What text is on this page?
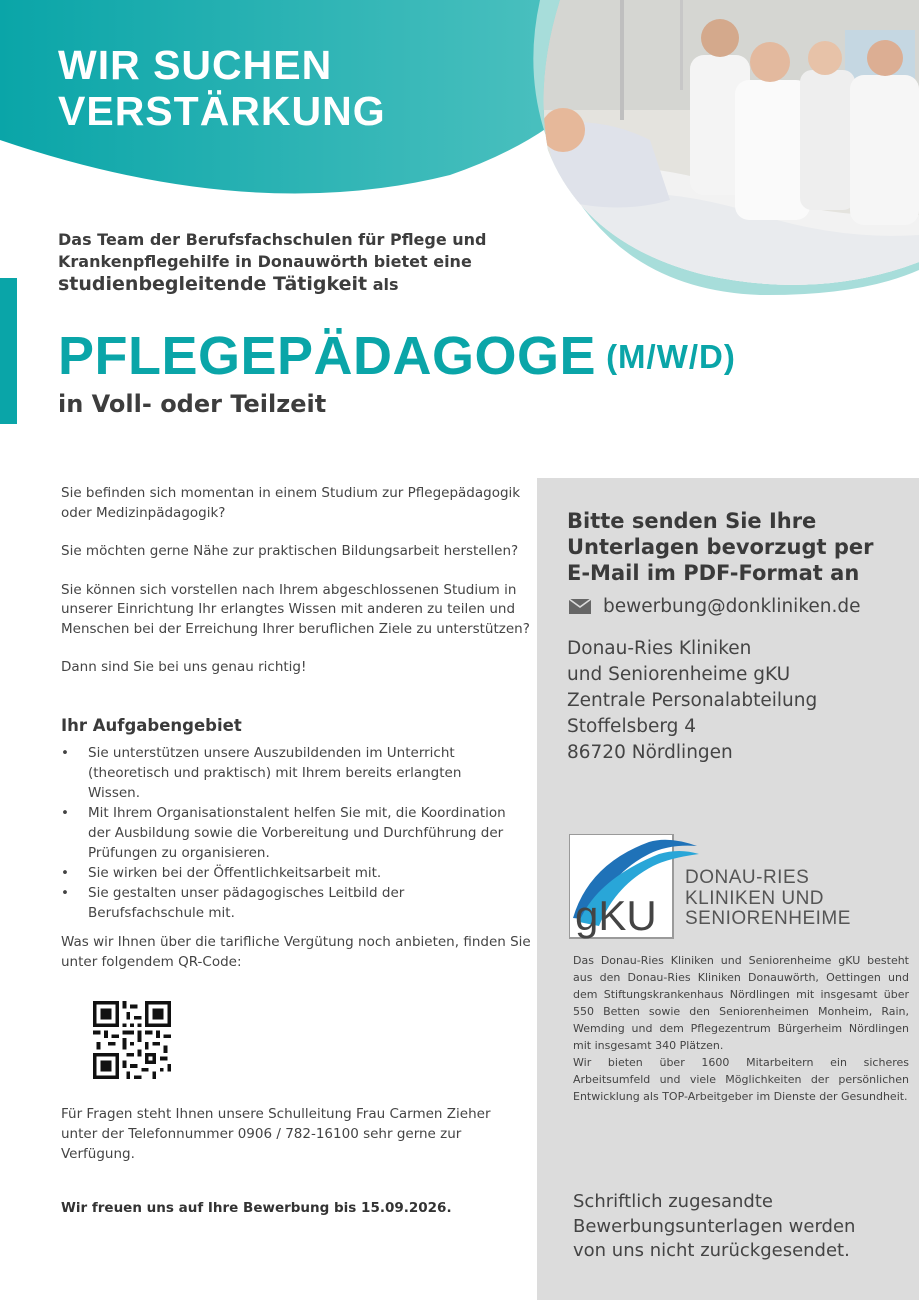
WIR SUCHEN
VERSTÄRKUNG
Das Team der Berufsfachschulen für Pflege und
Krankenpflegehilfe in Donauwörth bietet eine
studienbegleitende Tätigkeit als
PFLEGEPÄDAGOGE (M/W/D)

in Voll- oder Teilzeit

Sie befinden sich momentan in einem Studium zur Pflegepädagogik oder Medizinpädagogik?

Sie möchten gerne Nähe zur praktischen Bildungsarbeit herstellen?

Sie können sich vorstellen nach Ihrem abgeschlossenen Studium in unserer Einrichtung Ihr erlangtes Wissen mit anderen zu teilen und Menschen bei der Erreichung Ihrer beruflichen Ziele zu unterstützen?

Dann sind Sie bei uns genau richtig!

Ihr Aufgabengebiet
• Sie unterstützen unsere Auszubildenden im Unterricht (theoretisch und praktisch) mit Ihrem bereits erlangten Wissen.
• Mit Ihrem Organisationstalent helfen Sie mit, die Koordination der Ausbildung sowie die Vorbereitung und Durchführung der Prüfungen zu organisieren.
• Sie wirken bei der Öffentlichkeitsarbeit mit.
• Sie gestalten unser pädagogisches Leitbild der Berufsfachschule mit.

Was wir Ihnen über die tarifliche Vergütung noch anbieten, finden Sie unter folgendem QR-Code:

Für Fragen steht Ihnen unsere Schulleitung Frau Carmen Zieher unter der Telefonnummer 0906 / 782-16100 sehr gerne zur Verfügung.

Wir freuen uns auf Ihre Bewerbung bis 15.09.2026.

Bitte senden Sie Ihre Unterlagen bevorzugt per E-Mail im PDF-Format an
bewerbung@donkliniken.de

Donau-Ries Kliniken
und Seniorenheime gKU
Zentrale Personalabteilung
Stoffelsberg 4
86720 Nördlingen

gKU

DONAU-RIES
KLINIKEN UND
SENIORENHEIME

Das Donau-Ries Kliniken und Seniorenheime gKU besteht aus den Donau-Ries Kliniken Donauwörth, Oettingen und dem Stiftungskrankenhaus Nördlingen mit insgesamt über 550 Betten sowie den Seniorenheimen Monheim, Rain, Wemding und dem Pflegezentrum Bürgerheim Nördlingen mit insgesamt 340 Plätzen.
Wir bieten über 1600 Mitarbeitern ein sicheres Arbeitsumfeld und viele Möglichkeiten der persönlichen Entwicklung als TOP-Arbeitgeber im Dienste der Gesundheit.

Schriftlich zugesandte
Bewerbungsunterlagen werden
von uns nicht zurückgesendet.
